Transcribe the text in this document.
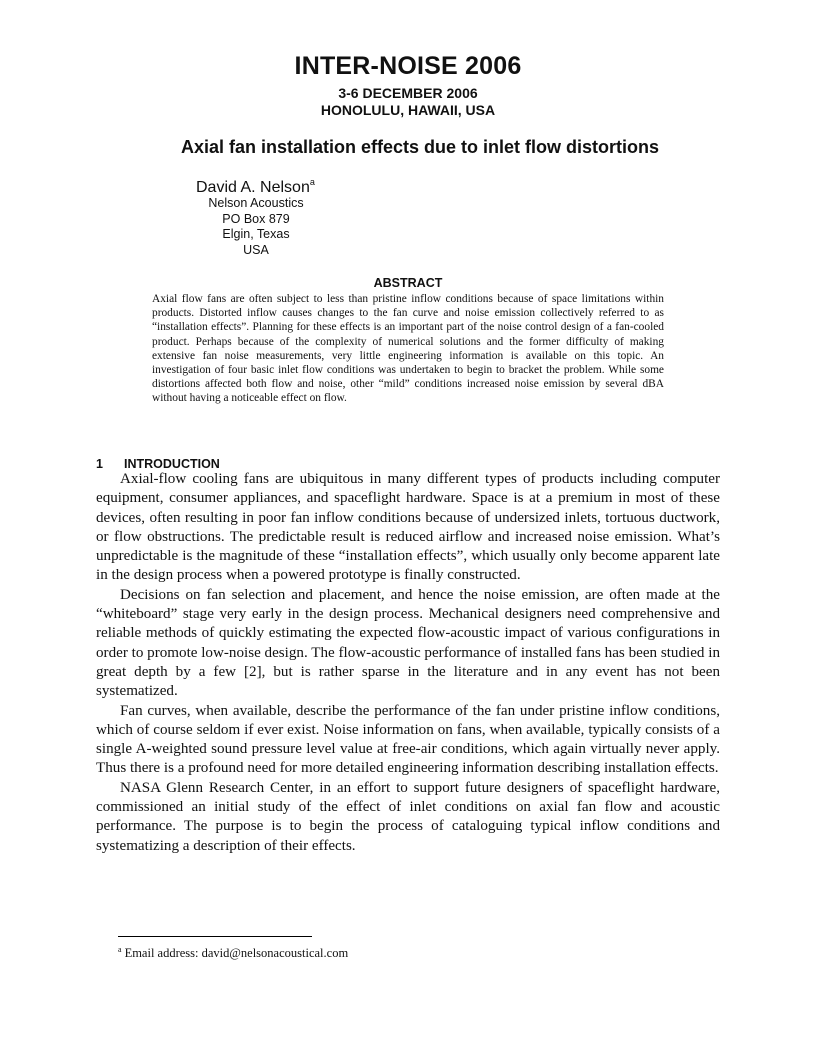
INTER-NOISE 2006
3-6 DECEMBER 2006
HONOLULU, HAWAII, USA
Axial fan installation effects due to inlet flow distortions
David A. Nelson$^a$
Nelson Acoustics
PO Box 879
Elgin, Texas
USA
ABSTRACT
Axial flow fans are often subject to less than pristine inflow conditions because of space limitations within products. Distorted inflow causes changes to the fan curve and noise emission collectively referred to as “installation effects”. Planning for these effects is an important part of the noise control design of a fan-cooled product. Perhaps because of the complexity of numerical solutions and the former difficulty of making extensive fan noise measurements, very little engineering information is available on this topic. An investigation of four basic inlet flow conditions was undertaken to begin to bracket the problem. While some distortions affected both flow and noise, other “mild” conditions increased noise emission by several dBA without having a noticeable effect on flow.
1 INTRODUCTION

Axial-flow cooling fans are ubiquitous in many different types of products including computer equipment, consumer appliances, and spaceflight hardware. Space is at a premium in most of these devices, often resulting in poor fan inflow conditions because of undersized inlets, tortuous ductwork, or flow obstructions. The predictable result is reduced airflow and increased noise emission. What’s unpredictable is the magnitude of these “installation effects”, which usually only become apparent late in the design process when a powered prototype is finally constructed.

Decisions on fan selection and placement, and hence the noise emission, are often made at the “whiteboard” stage very early in the design process. Mechanical designers need comprehensive and reliable methods of quickly estimating the expected flow-acoustic impact of various configurations in order to promote low-noise design. The flow-acoustic performance of installed fans has been studied in great depth by a few [2], but is rather sparse in the literature and in any event has not been systematized.

Fan curves, when available, describe the performance of the fan under pristine inflow conditions, which of course seldom if ever exist. Noise information on fans, when available, typically consists of a single A-weighted sound pressure level value at free-air conditions, which again virtually never apply. Thus there is a profound need for more detailed engineering information describing installation effects.

NASA Glenn Research Center, in an effort to support future designers of spaceflight hardware, commissioned an initial study of the effect of inlet conditions on axial fan flow and acoustic performance. The purpose is to begin the process of cataloguing typical inflow conditions and systematizing a description of their effects.

$^a$ Email address: david@nelsonacoustical.com
